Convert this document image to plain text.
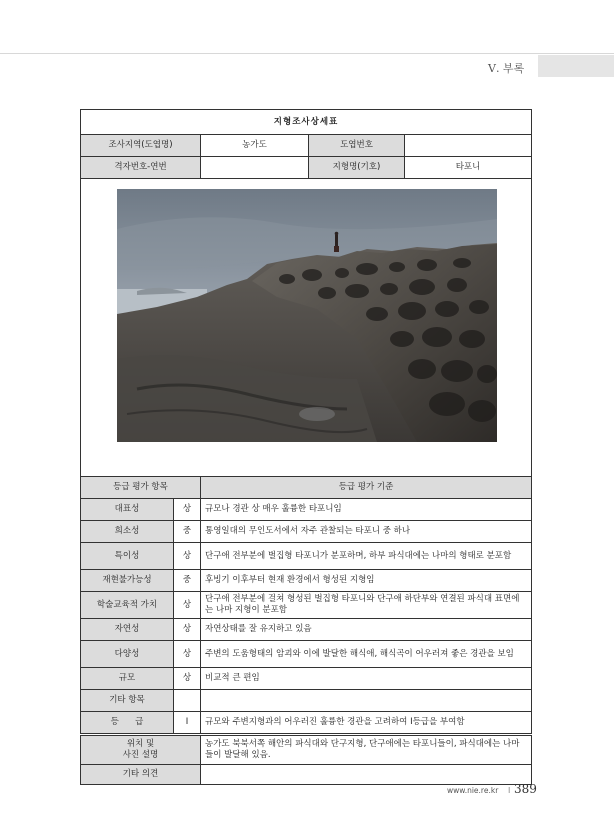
Ⅴ. 부록
지형조사상세표				
조사지역(도엽명)		농가도	도엽번호	
격자번호-연번			지형명(기호)	타포니

등급 평가 항목		등급 평가 기준		
대표성	상	규모나 경관 상 매우 훌륭한 타포니임		
희소성	중	통영일대의 무인도서에서 자주 관찰되는 타포니 중 하나		
특이성	상	단구애 전부분에 벌집형 타포니가 분포하며, 하부 파식대에는 나마의 형태로 분포함		
재현불가능성	중	후빙기 이후부터 현재 환경에서 형성된 지형임		
학술교육적 가치	상	단구애 전부분에 걸쳐 형성된 벌집형 타포니와 단구애 하단부와 연결된 파식대 표면에는 나마 지형이 분포함		
자연성	상	자연상태를 잘 유지하고 있음		
다양성	상	주변의 도움형태의 암괴와 이에 발달한 해식애, 해식곡이 어우러져 좋은 경관을 보임		
규모	상	비교적 큰 편임		
기타 항목				
등      급	Ⅰ	규모와 주변지형과의 어우러진 훌륭한 경관을 고려하여 Ⅰ등급을 부여함		
위치 및
사진 설명		농가도 북북서쪽 해안의 파식대와 단구지형, 단구애에는 타포니들이, 파식대에는 나마들이 발달해 있음.		
기타 의견				
www.nie.re.kr I 389
